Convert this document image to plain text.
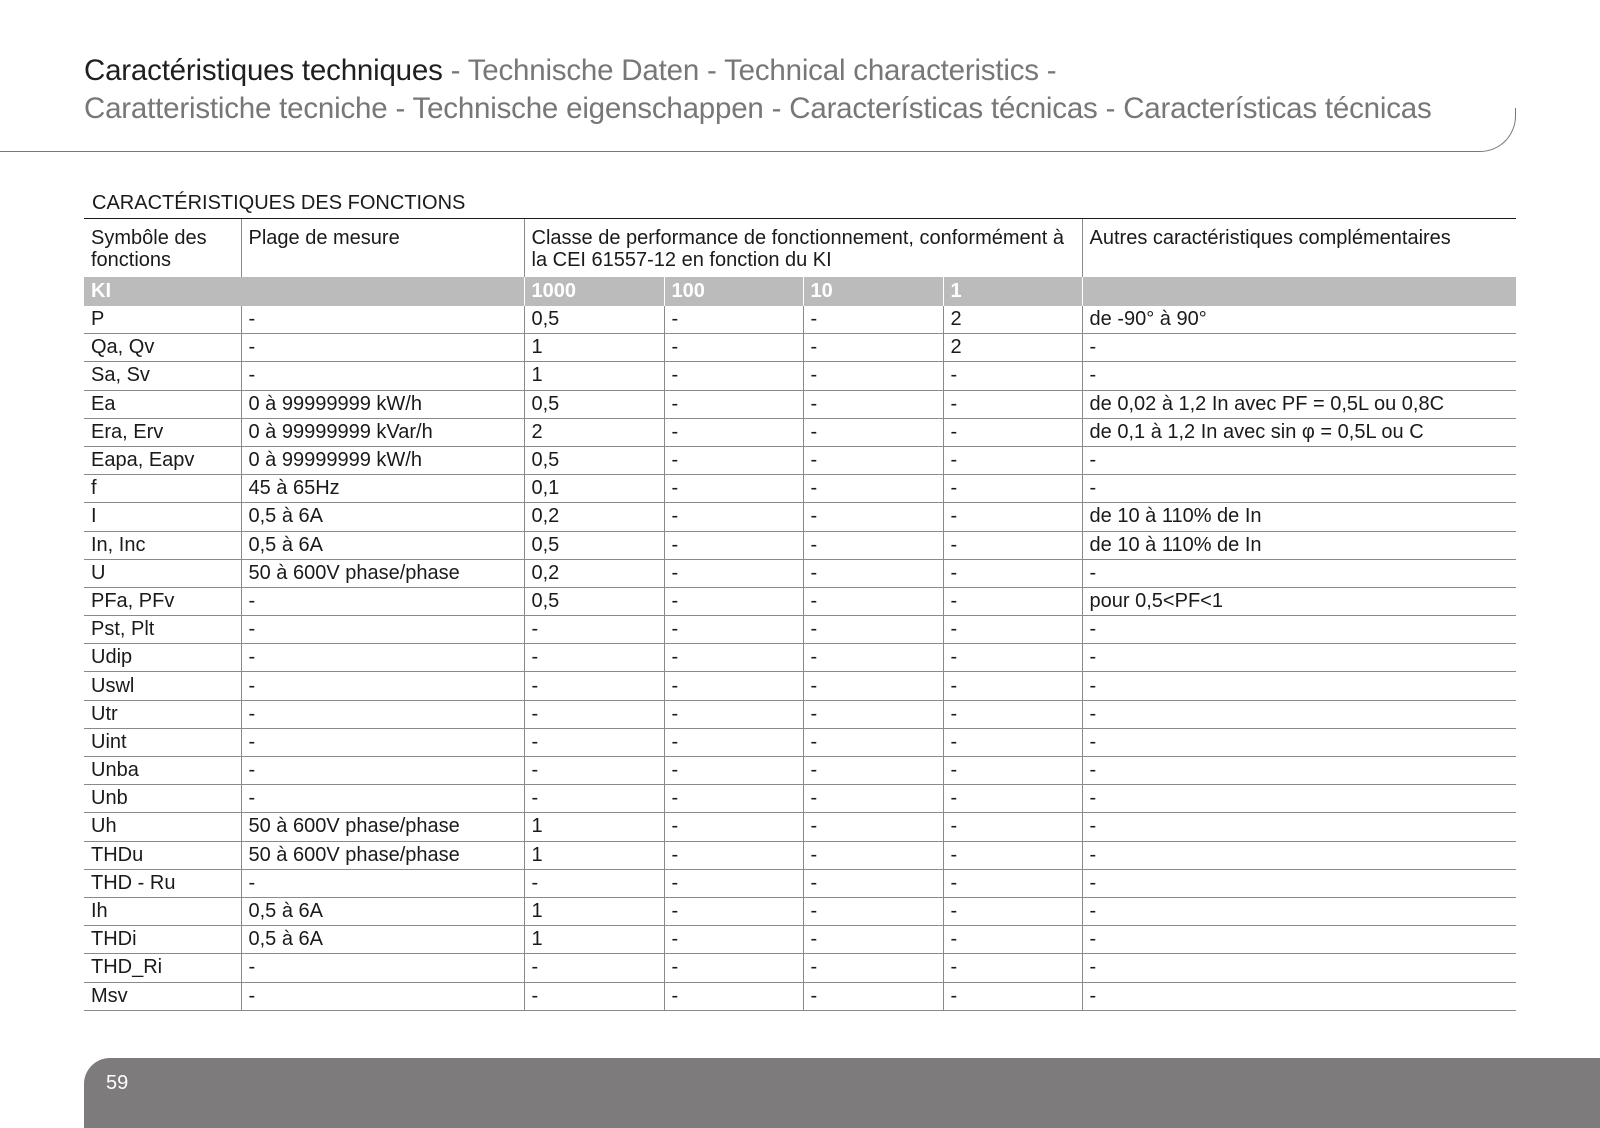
Caractéristiques techniques - Technische Daten - Technical characteristics -
Caratteristiche tecniche - Technische eigenschappen - Características técnicas - Características técnicas
CARACTÉRISTIQUES DES FONCTIONS
Symbôle des fonctions	Plage de mesure	Classe de performance de fonctionnement, conformément à la CEI 61557-12 en fonction du KI				Autres caractéristiques complémentaires
KI		1000	100	10	1	
P	-	0,5	-	-	2	de -90° à 90°
Qa, Qv	-	1	-	-	2	-
Sa, Sv	-	1	-	-	-	-
Ea	0 à 99999999 kW/h	0,5	-	-	-	de 0,02 à 1,2 In avec PF = 0,5L ou 0,8C
Era, Erv	0 à 99999999 kVar/h	2	-	-	-	de 0,1 à 1,2 In avec sin φ = 0,5L ou C
Eapa, Eapv	0 à 99999999 kW/h	0,5	-	-	-	-
f	45 à 65Hz	0,1	-	-	-	-
I	0,5 à 6A	0,2	-	-	-	de 10 à 110% de In
In, Inc	0,5 à 6A	0,5	-	-	-	de 10 à 110% de In
U	50 à 600V phase/phase	0,2	-	-	-	-
PFa, PFv	-	0,5	-	-	-	pour 0,5<PF<1
Pst, Plt	-	-	-	-	-	-
Udip	-	-	-	-	-	-
Uswl	-	-	-	-	-	-
Utr	-	-	-	-	-	-
Uint	-	-	-	-	-	-
Unba	-	-	-	-	-	-
Unb	-	-	-	-	-	-
Uh	50 à 600V phase/phase	1	-	-	-	-
THDu	50 à 600V phase/phase	1	-	-	-	-
THD - Ru	-	-	-	-	-	-
Ih	0,5 à 6A	1	-	-	-	-
THDi	0,5 à 6A	1	-	-	-	-
THD_Ri	-	-	-	-	-	-
Msv	-	-	-	-	-	-
59
